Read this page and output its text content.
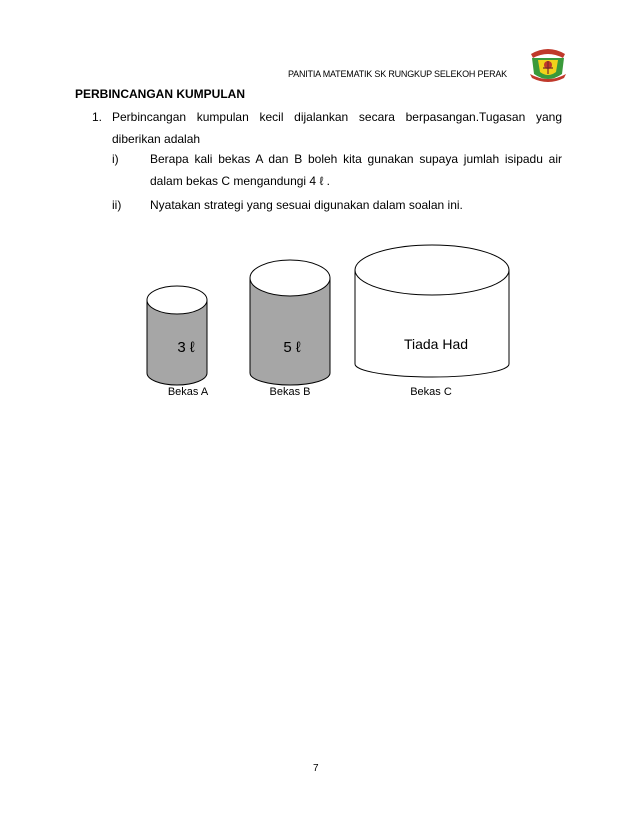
PANITIA MATEMATIK SK RUNGKUP SELEKOH PERAK
PERBINCANGAN KUMPULAN
1. Perbincangan kumpulan kecil dijalankan secara berpasangan.Tugasan yang
diberikan adalah
i)	Berapa kali bekas A dan B boleh kita gunakan supaya jumlah isipadu air
dalam bekas C mengandungi 4 ℓ .
ii) Nyatakan strategi yang sesuai digunakan dalam soalan ini.
3 ℓ	5 ℓ	Tiada Had
Bekas A	Bekas B	Bekas C
7
